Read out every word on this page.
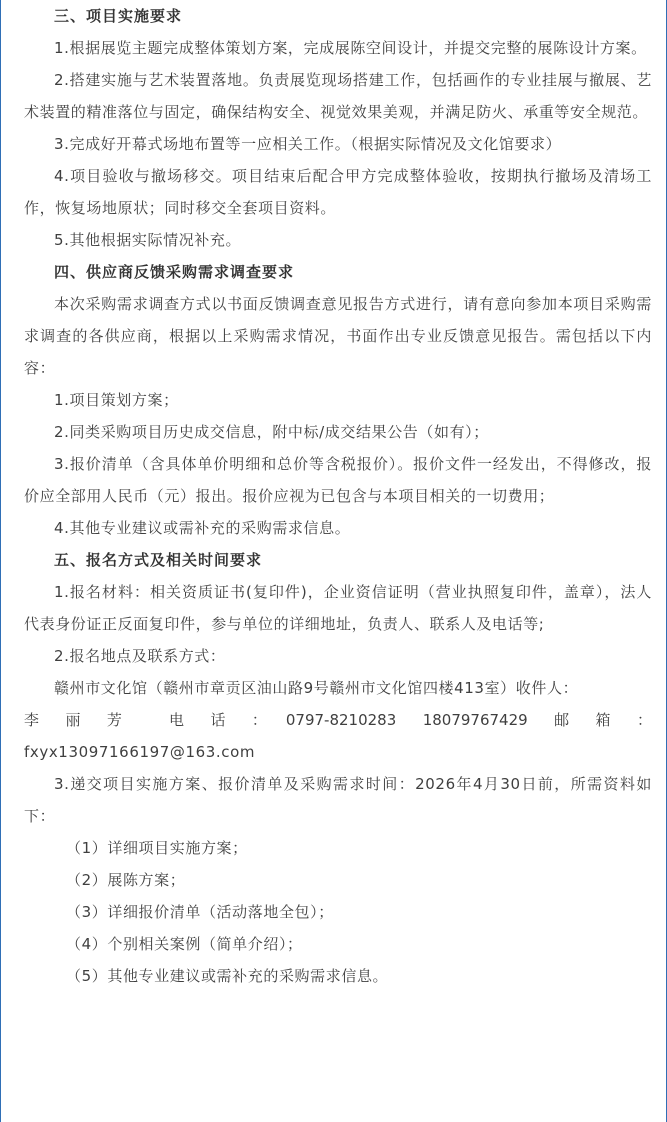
三、项目实施要求

1.根据展览主题完成整体策划方案，完成展陈空间设计，并提交完整的展陈设计方案。

2.搭建实施与艺术装置落地。负责展览现场搭建工作，包括画作的专业挂展与撤展、艺术装置的精准落位与固定，确保结构安全、视觉效果美观，并满足防火、承重等安全规范。

3.完成好开幕式场地布置等一应相关工作。（根据实际情况及文化馆要求）

4.项目验收与撤场移交。项目结束后配合甲方完成整体验收，按期执行撤场及清场工作，恢复场地原状；同时移交全套项目资料。

5.其他根据实际情况补充。

四、供应商反馈采购需求调查要求

本次采购需求调查方式以书面反馈调查意见报告方式进行，请有意向参加本项目采购需求调查的各供应商，根据以上采购需求情况，书面作出专业反馈意见报告。需包括以下内容：

1.项目策划方案；

2.同类采购项目历史成交信息，附中标/成交结果公告（如有）；

3.报价清单（含具体单价明细和总价等含税报价）。报价文件一经发出，不得修改，报价应全部用人民币（元）报出。报价应视为已包含与本项目相关的一切费用；

4.其他专业建议或需补充的采购需求信息。

五、报名方式及相关时间要求

1.报名材料：相关资质证书(复印件)，企业资信证明（营业执照复印件，盖章），法人代表身份证正反面复印件，参与单位的详细地址，负责人、联系人及电话等;

2.报名地点及联系方式：

赣州市文化馆（赣州市章贡区油山路9号赣州市文化馆四楼413室）收件人：

李　丽　芳　　电　话　：　0797-8210283　18079767429　邮　箱　：

fxyx13097166197@163.com

3.递交项目实施方案、报价清单及采购需求时间：2026年4月30日前，所需资料如下：

（1）详细项目实施方案；

（2）展陈方案；

（3）详细报价清单（活动落地全包）；

（4）个别相关案例（简单介绍）；

（5）其他专业建议或需补充的采购需求信息。
